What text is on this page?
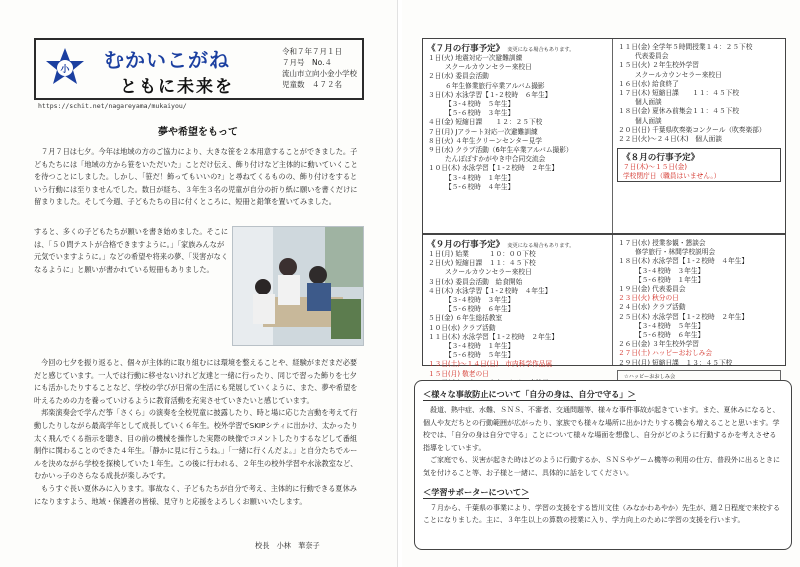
小 むかいこがね
ともに未来を
令和７年７月１日
７月号　No.４
流山市立向小金小学校
児童数　４７２名
https://schit.net/nagareyama/mukaiyou/
夢や希望をもって

７月７日は七夕。今年は地域の方のご協力により、大きな笹を２本用意することができました。子どもたちには「地域の方から笹をいただいた」ことだけ伝え、飾り付けなど主体的に動いていくことを待つことにしました。しかし、「笹だ！飾ってもいいの?」と尋ねてくるものの、飾り付けをするという行動には至りませんでした。数日が経ち、３年生３名の児童が自分の折り紙に願いを書くだけに留まりました。そして今週、子どもたちの目に付くところに、短冊と鉛筆を置いてみました。

すると、多くの子どもたちが願いを書き始めました。そこには、「５０問テストが合格できますように。」「家族みんなが元気でいますように。」などの希望や将来の夢、「災害がなくなるように」と願いが書かれている短冊もありました。

今回の七夕を振り返ると、個々が主体的に取り組むには環境を整えることや、経験がまだまだ必要だと感じています。一人では行動に移せないけれど友達と一緒に行ったり、同じで習った飾りを七夕にも活かしたりすることなど、学校の学びが日常の生活にも発展していくように、また、夢や希望を叶えるための力を養っていけるように教育活動を充実させていきたいと感じています。

邦楽演奏会で学んだ筝「さくら」の演奏を全校児童に披露したり、時と場に応じた言動を考えて行動したりしながら最高学年として成長していく６年生。校外学習でSKIPシティに出かけ、太かったり太く飛んでくる指示を聴き、目の前の機械を操作した実際の映像でコメントしたりするなどして番組制作に関わることのできた４年生。「静かに見に行こうね。」「一緒に行くんだよ。」と自分たちでルールを決めながら学校を探検していた１年生。この後に行われる、２年生の校外学習や水泳教室など、むかいっ子のさらなる成長が楽しみです。

もうすぐ長い夏休みに入ります。事故なく、子どもたちが自分で考え、主体的に行動できる夏休みになりますよう、地域・保護者の皆様、見守りと応援をよろしくお願いいたします。

校長　小林　華奈子
《７月の行事予定》 変更になる場合もあります。
１日(火) 地震対応一次避難訓練
スクールカウンセラー来校日
２日(水) 委員会活動
６年生修業旅行卒業アルバム撮影
３日(木) 水泳学習【１-２校時　６年生】
【３-４校時　５年生】
【５-６校時　３年生】
４日(金) 短縮日課　　１２：２５下校
７日(月) Jアラート対応一次避難訓練
８日(火) ４年生クリーンセンター見学
９日(水) クラブ活動（6年生卒業アルバム撮影）
たんぽぽすかがやき中合同交流会
１０日(木) 水泳学習【１-２校時　２年生】
【３-４校時　１年生】
【５-６校時　４年生】
１１日(金) 全学年５時間授業１４：２５下校
代表委員会
１５日(火) ２年生校外学習
スクールカウンセラー来校日
１６日(水) 給食終了
１７日(木) 短縮日課　　１１：４５下校
個人面談
１８日(金) 夏休み前集会１１：４５下校
個人面談
２０日(日) 千葉県吹奏楽コンクール（吹奏楽部）
２２日(火)～２４日(木)　個人面談
《８月の行事予定》
７日(木)～１５日(金)
学校閉庁日（職員はいません。）
《９月の行事予定》 変更になる場合もあります。
１日(月) 始業　　　１０：００下校
２日(火) 短縮日課　１１：４５下校
スクールカウンセラー来校日
３日(水) 委員会活動　給食開始
４日(木) 水泳学習【１-２校時　４年生】
【３-４校時　３年生】
【５-６校時　６年生】
５日(金) ６年生総括教室
１０日(水) クラブ活動
１１日(木) 水泳学習【１-２校時　２年生】
【３-４校時　１年生】
【５-６校時　５年生】
１３日(土)～１４日(日)　市内科学作品展
１５日(月) 敬老の日
１７日(水) 授業参観・懇談会
修学旅行・林間学校説明会
１８日(木) 水泳学習【１-２校時　４年生】
【３-４校時　３年生】
【５-６校時　１年生】
１９日(金) 代表委員会
２３日(火) 秋分の日
２４日(水) クラブ活動
２５日(木) 水泳学習【１-２校時　２年生】
【３-４校時　５年生】
【５-６校時　６年生】
２６日(金) ３年生校外学習
２７日(土) ハッピーおおしみ会
２９日(月) 短縮日課　１３：４５下校
☆ハッピーおおしみ会
＜様々な事故防止について「自分の身は、自分で守る」＞

殺道、熱中症、水難、ＳＮＳ、不審者、交通問題等、様々な事件事故が起きています。また、夏休みになると、個人や友だちとの行動範囲が広がったり、家族でも様々な場所に出かけたりする機会も増えることと思います。学校では、「自分の身は自分で守る」ことについて様々な場面を想像し、自分がどのように行動するかを考えさせる指導をしています。

ご家庭でも、災害が起きた時はどのように行動するか、ＳＮＳやゲーム機等の利用の仕方、普段外に出るときに気を付けること等、お子様と一緒に、具体的に話をしてください。

＜学習サポーターについて＞

７月から、千葉県の事業により、学習の支援をする皆川文佳（みなかわあやか）先生が、週２日程度で来校することになりました。主に、３年生以上の算数の授業に入り、学力向上のために学習の支援を行います。
